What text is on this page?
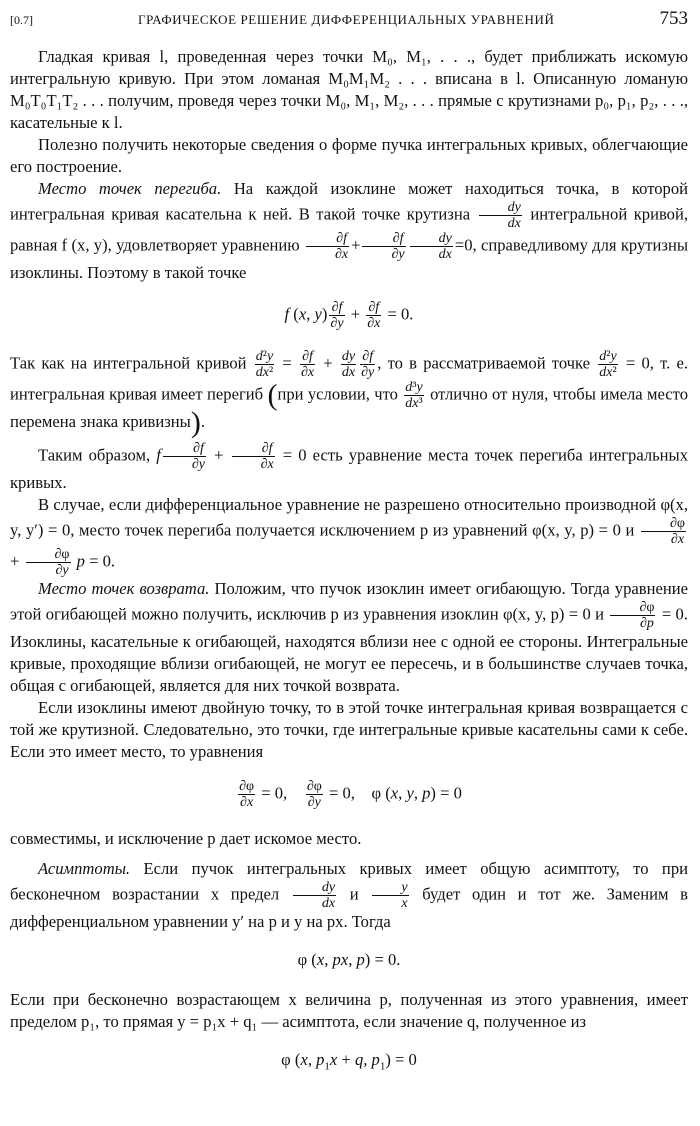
[0.7]	ГРАФИЧЕСКОЕ РЕШЕНИЕ ДИФФЕРЕНЦИАЛЬНЫХ УРАВНЕНИЙ	753

Гладкая кривая l, проведенная через точки M₀, M₁, . . ., будет приближать искомую интегральную кривую. При этом ломаная M₀M₁M₂ . . . вписана в l. Описанную ломаную M₀T₀T₁T₂ . . . получим, проведя через точки M₀, M₁, M₂, . . . прямые с крутизнами p₀, p₁, p₂, . . ., касательные к l.

Полезно получить некоторые сведения о форме пучка интегральных кривых, облегчающие его построение.

Место точек перегиба. На каждой изоклине может находиться точка, в которой интегральная кривая касательна к ней. В такой точке крутизна $\frac{dy}{dx}$ интегральной кривой, равная f (x, y), удовлетворяет уравнению $\frac{\partial f}{\partial x} + \frac{\partial f}{\partial y} \frac{dy}{dx} =0$, справедливому для крутизны изоклины. Поэтому в такой точке

f (x, $y) \frac{\partial f}{\partial y} + \frac{\partial f}{\partial x} = 0$.

Так как на интегральной кривой $\frac{\text{d²y}}{\text{dx²}} = \frac{\partial f}{\partial x} + \frac{dy}{dx} \frac{\partial f}{\partial y}$ , то в рассматриваемой точке $\frac{\text{d²y}}{\text{dx²}} = 0$, т. е. интегральная кривая имеет перегиб (при условии, что $\frac{\text{d³y}}{\text{dx³}}$ отлично от нуля, чтобы имела место перемена знака кривизны).

Таким образом, f $\frac{\partial f}{\partial y} + \frac{\partial f}{\partial x} = 0$ есть уравнение места точек перегиба интегральных кривых.

В случае, если дифференциальное уравнение не разрешено относительно производной φ(x, y, y′) = 0, место точек перегиба получается исключением p из уравнений φ(x, y, p) = 0 и $\frac{\partial\varphi}{\partial x}$
+ $\frac{\partial\varphi}{\partial y}$ p = 0.

Место точек возврата. Положим, что пучок изоклин имеет огибающую. Тогда уравнение этой огибающей можно получить, исключив p из уравнения изоклин φ(x, y, p) = 0 и $\frac{\partial\varphi}{\partial p} = 0$. Изоклины, касательные к огибающей, находятся вблизи нее с одной ее стороны. Интегральные кривые, проходящие вблизи огибающей, не могут ее пересечь, и в большинстве случаев точка, общая с огибающей, является для них точкой возврата.

Если изоклины имеют двойную точку, то в этой точке интегральная кривая возвращается с той же крутизной. Следовательно, это точки, где интегральные кривые касательны сами к себе. Если это имеет место, то уравнения

$\frac{\partial\varphi}{\partial x} = 0$, $\frac{\partial\varphi}{\partial y} = 0$,    φ (x, y, p) = 0

совместимы, и исключение p дает искомое место.

Асимптоты. Если пучок интегральных кривых имеет общую асимптоту, то при бесконечном возрастании x предел $\frac{dy}{dx}$ и $\frac{y}{x}$ будет один и тот же. Заменим в дифференциальном уравнении y′ на p и y на px. Тогда

φ (x, px, p) = 0.

Если при бесконечно возрастающем x величина p, полученная из этого уравнения, имеет пределом p₁, то прямая y = p₁x + q₁ — асимптота, если значение q, полученное из

φ (x, $p_1x + q$, $p_1) = 0$
